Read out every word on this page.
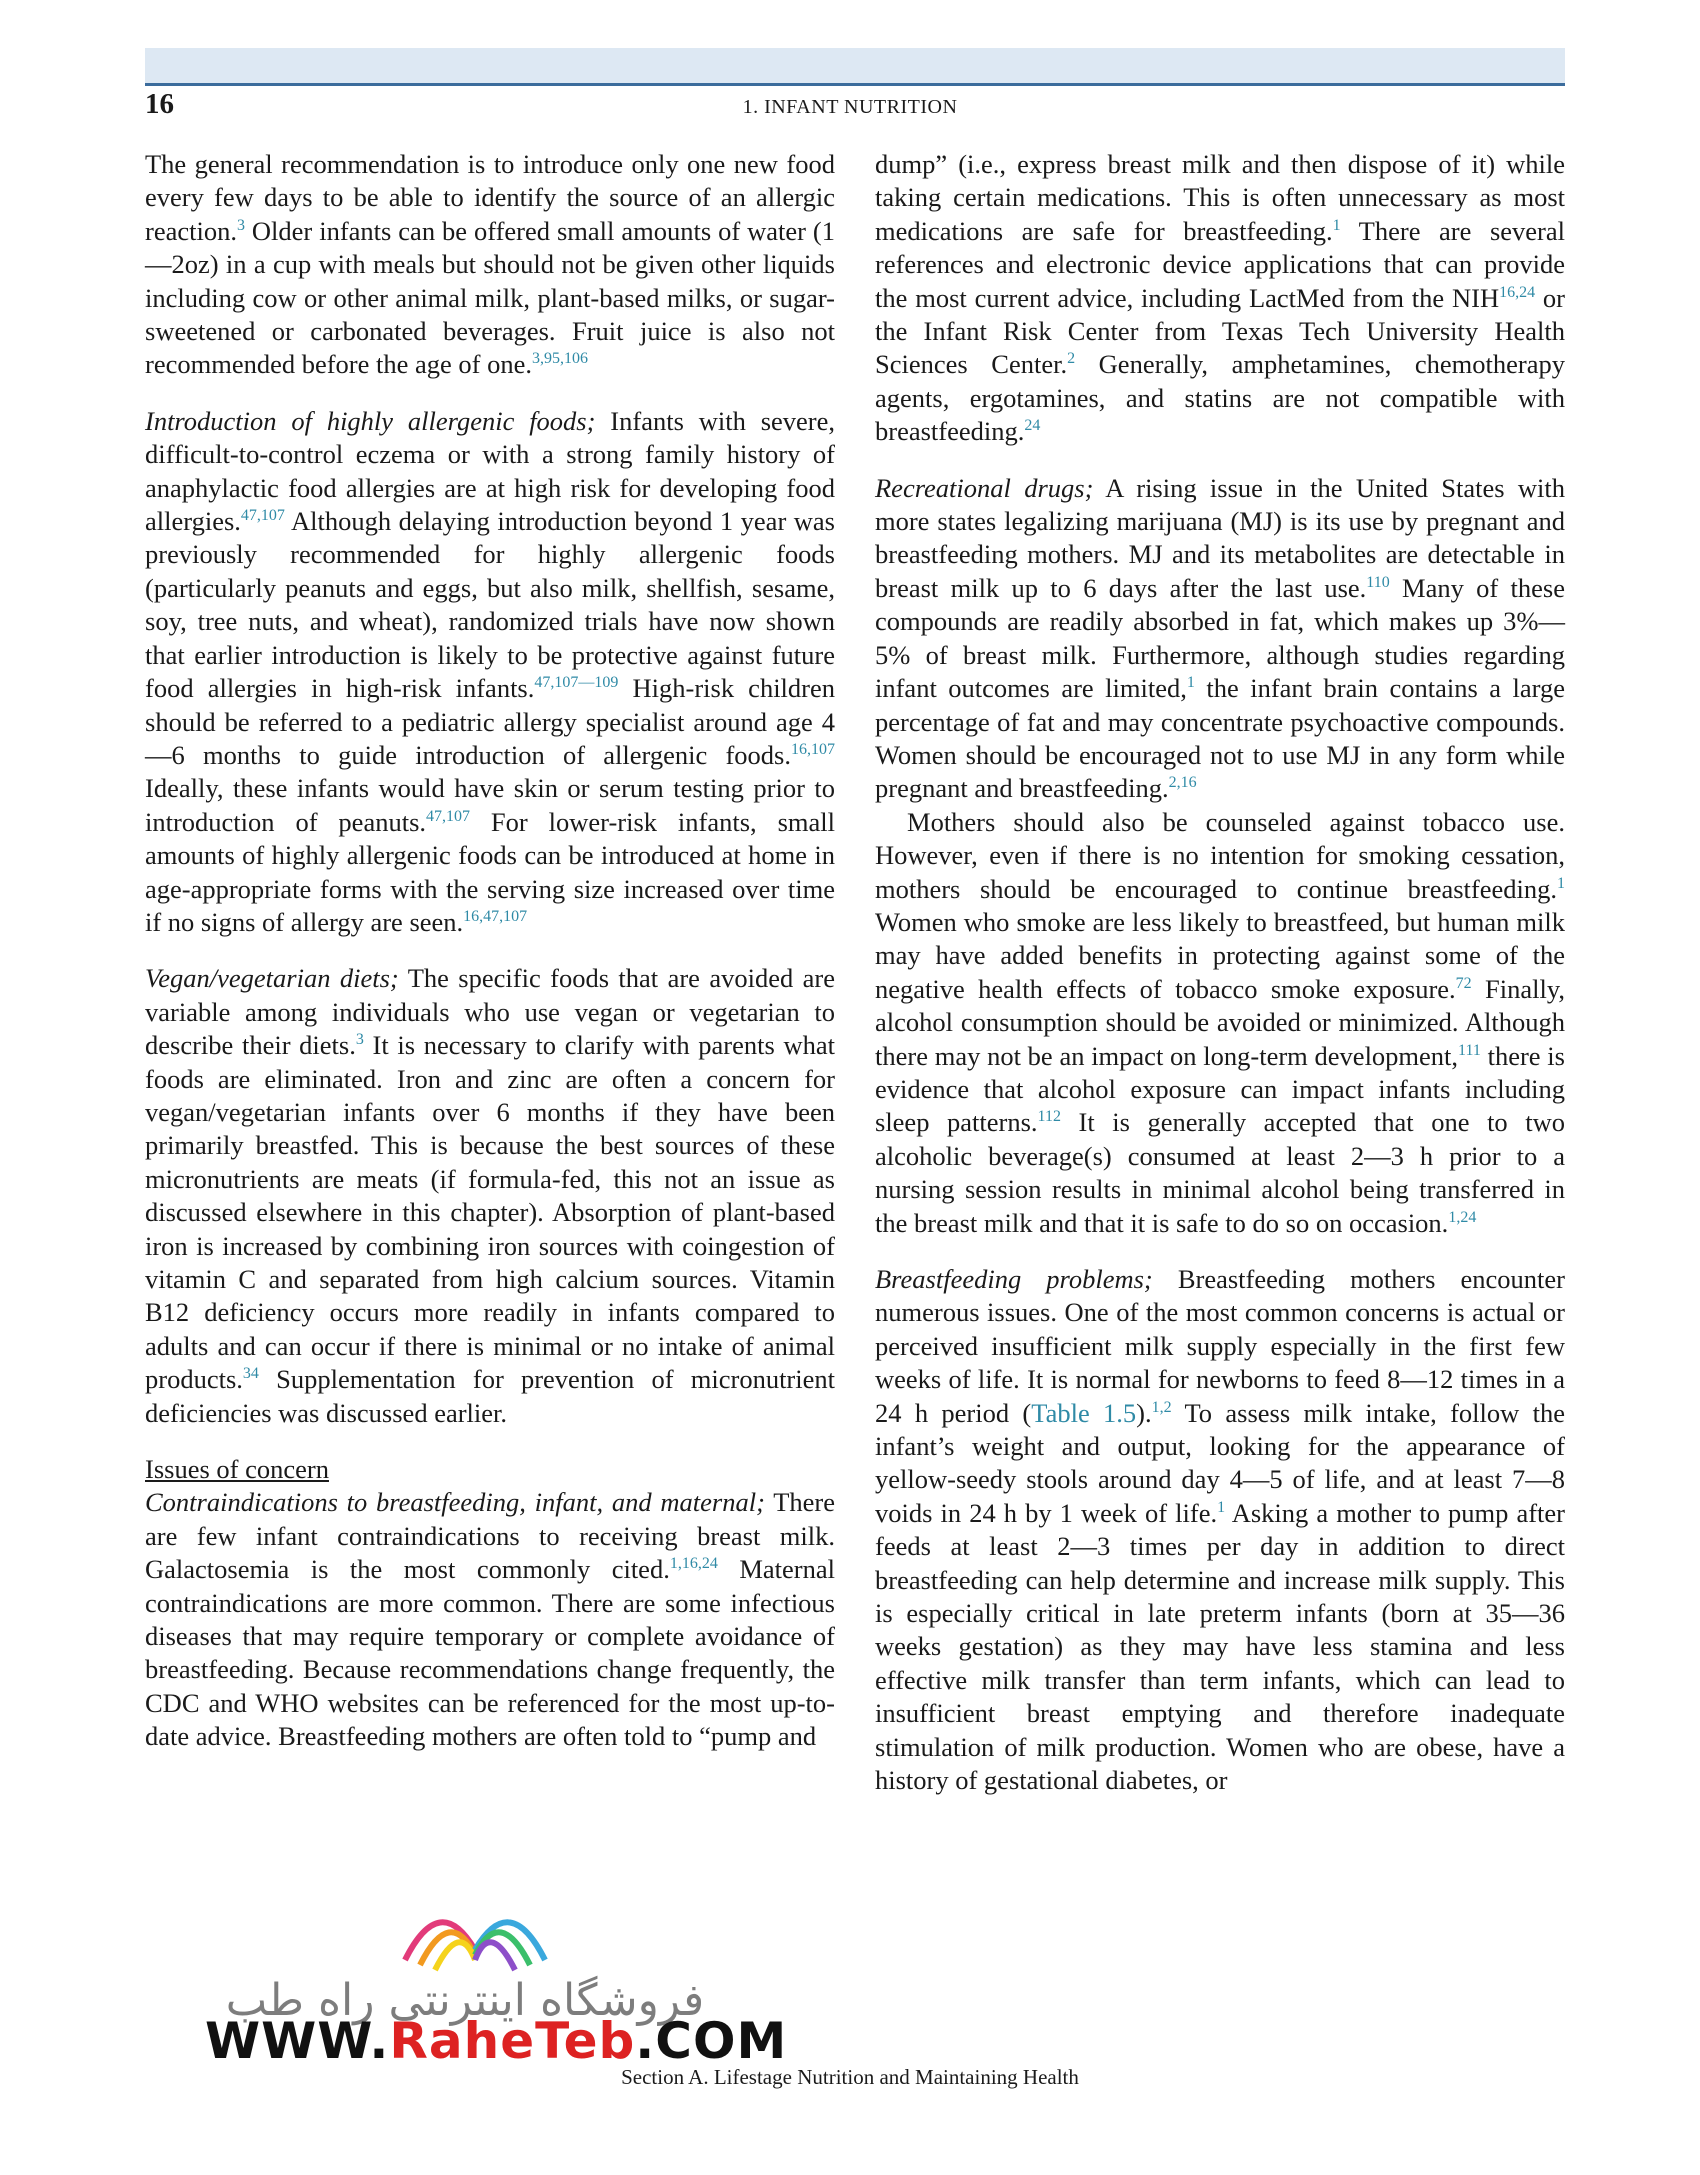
16	1. INFANT NUTRITION

The general recommendation is to introduce only one new food every few days to be able to identify the source of an allergic reaction.$^3$ Older infants can be offered small amounts of water (1—2oz) in a cup with meals but should not be given other liquids including cow or other animal milk, plant-based milks, or sugar-sweetened or carbonated beverages. Fruit juice is also not recommended before the age of one.$^{3,95,106}$

Introduction of highly allergenic foods; Infants with severe, difficult-to-control eczema or with a strong family history of anaphylactic food allergies are at high risk for developing food allergies.$^{47,107}$ Although delaying introduction beyond 1 year was previously recommended for highly allergenic foods (particularly peanuts and eggs, but also milk, shellfish, sesame, soy, tree nuts, and wheat), randomized trials have now shown that earlier introduction is likely to be protective against future food allergies in high-risk infants.$^{47,107—109}$ High-risk children should be referred to a pediatric allergy specialist around age 4—6 months to guide introduction of allergenic foods.$^{16,107}$ Ideally, these infants would have skin or serum testing prior to introduction of peanuts.$^{47,107}$ For lower-risk infants, small amounts of highly allergenic foods can be introduced at home in age-appropriate forms with the serving size increased over time if no signs of allergy are seen.$^{16,47,107}$

Vegan/vegetarian diets; The specific foods that are avoided are variable among individuals who use vegan or vegetarian to describe their diets.$^3$ It is necessary to clarify with parents what foods are eliminated. Iron and zinc are often a concern for vegan/vegetarian infants over 6 months if they have been primarily breastfed. This is because the best sources of these micronutrients are meats (if formula-fed, this not an issue as discussed elsewhere in this chapter). Absorption of plant-based iron is increased by combining iron sources with coingestion of vitamin C and separated from high calcium sources. Vitamin B12 deficiency occurs more readily in infants compared to adults and can occur if there is minimal or no intake of animal products.$^{34}$ Supplementation for prevention of micronutrient deficiencies was discussed earlier.

Issues of concern

Contraindications to breastfeeding, infant, and maternal; There are few infant contraindications to receiving breast milk. Galactosemia is the most commonly cited.$^{1,16,24}$ Maternal contraindications are more common. There are some infectious diseases that may require temporary or complete avoidance of breastfeeding. Because recommendations change frequently, the CDC and WHO websites can be referenced for the most up-to-date advice. Breastfeeding mothers are often told to “pump and

dump” (i.e., express breast milk and then dispose of it) while taking certain medications. This is often unnecessary as most medications are safe for breastfeeding.$^1$ There are several references and electronic device applications that can provide the most current advice, including LactMed from the NIH$^{16,24}$ or the Infant Risk Center from Texas Tech University Health Sciences Center.$^2$ Generally, amphetamines, chemotherapy agents, ergotamines, and statins are not compatible with breastfeeding.$^{24}$

Recreational drugs; A rising issue in the United States with more states legalizing marijuana (MJ) is its use by pregnant and breastfeeding mothers. MJ and its metabolites are detectable in breast milk up to 6 days after the last use.$^{110}$ Many of these compounds are readily absorbed in fat, which makes up 3%—5% of breast milk. Furthermore, although studies regarding infant outcomes are limited,$^1$ the infant brain contains a large percentage of fat and may concentrate psychoactive compounds. Women should be encouraged not to use MJ in any form while pregnant and breastfeeding.$^{2,16}$

Mothers should also be counseled against tobacco use. However, even if there is no intention for smoking cessation, mothers should be encouraged to continue breastfeeding.$^1$ Women who smoke are less likely to breastfeed, but human milk may have added benefits in protecting against some of the negative health effects of tobacco smoke exposure.$^{72}$ Finally, alcohol consumption should be avoided or minimized. Although there may not be an impact on long-term development,$^{111}$ there is evidence that alcohol exposure can impact infants including sleep patterns.$^{112}$ It is generally accepted that one to two alcoholic beverage(s) consumed at least 2—3 h prior to a nursing session results in minimal alcohol being transferred in the breast milk and that it is safe to do so on occasion.$^{1,24}$

Breastfeeding problems; Breastfeeding mothers encounter numerous issues. One of the most common concerns is actual or perceived insufficient milk supply especially in the first few weeks of life. It is normal for newborns to feed 8—12 times in a 24 h period (Table 1.5).$^{1,2}$ To assess milk intake, follow the infant’s weight and output, looking for the appearance of yellow-seedy stools around day 4—5 of life, and at least 7—8 voids in 24 h by 1 week of life.$^1$ Asking a mother to pump after feeds at least 2—3 times per day in addition to direct breastfeeding can help determine and increase milk supply. This is especially critical in late preterm infants (born at 35—36 weeks gestation) as they may have less stamina and less effective milk transfer than term infants, which can lead to insufficient breast emptying and therefore inadequate stimulation of milk production. Women who are obese, have a history of gestational diabetes, or

فروشگاه اینترنتی راه طب
WWW.RaheTeb.COM
Section A. Lifestage Nutrition and Maintaining Health
